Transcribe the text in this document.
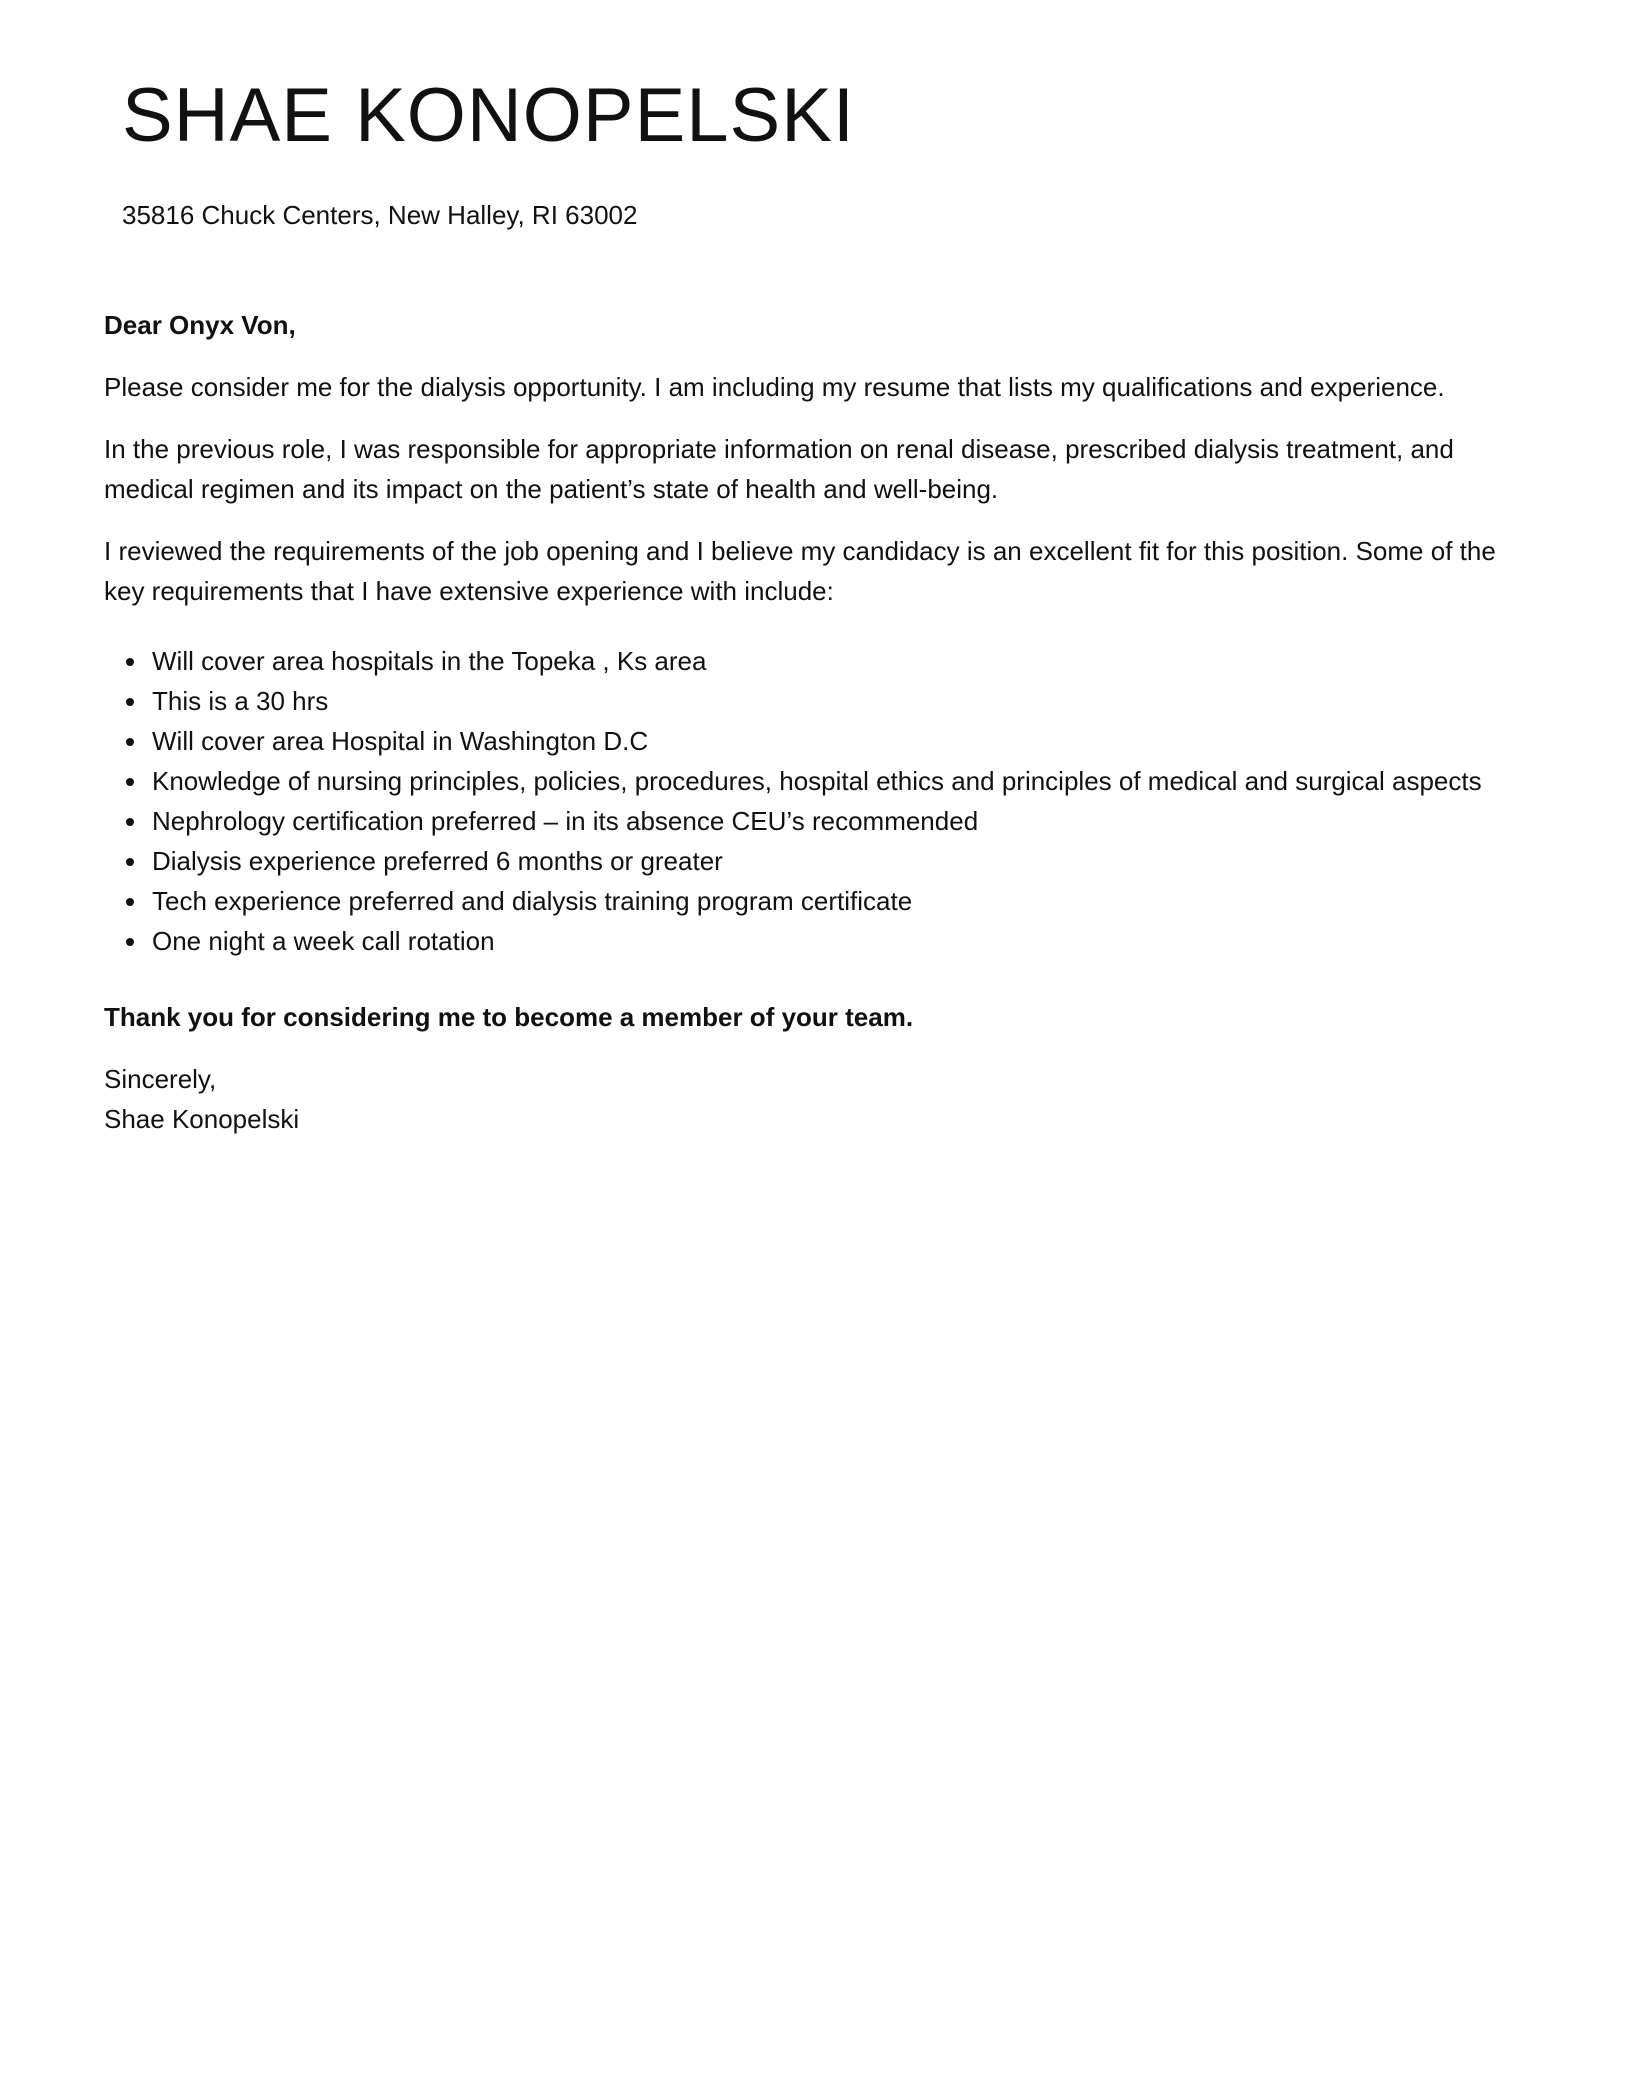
SHAE KONOPELSKI
35816 Chuck Centers, New Halley, RI 63002

Dear Onyx Von,

Please consider me for the dialysis opportunity. I am including my resume that lists my qualifications and experience.

In the previous role, I was responsible for appropriate information on renal disease, prescribed dialysis treatment, and medical regimen and its impact on the patient’s state of health and well-being.

I reviewed the requirements of the job opening and I believe my candidacy is an excellent fit for this position. Some of the key requirements that I have extensive experience with include:

Will cover area hospitals in the Topeka , Ks area
This is a 30 hrs
Will cover area Hospital in Washington D.C
Knowledge of nursing principles, policies, procedures, hospital ethics and principles of medical and surgical aspects
Nephrology certification preferred – in its absence CEU’s recommended
Dialysis experience preferred 6 months or greater
Tech experience preferred and dialysis training program certificate
One night a week call rotation

Thank you for considering me to become a member of your team.

Sincerely,

Shae Konopelski
